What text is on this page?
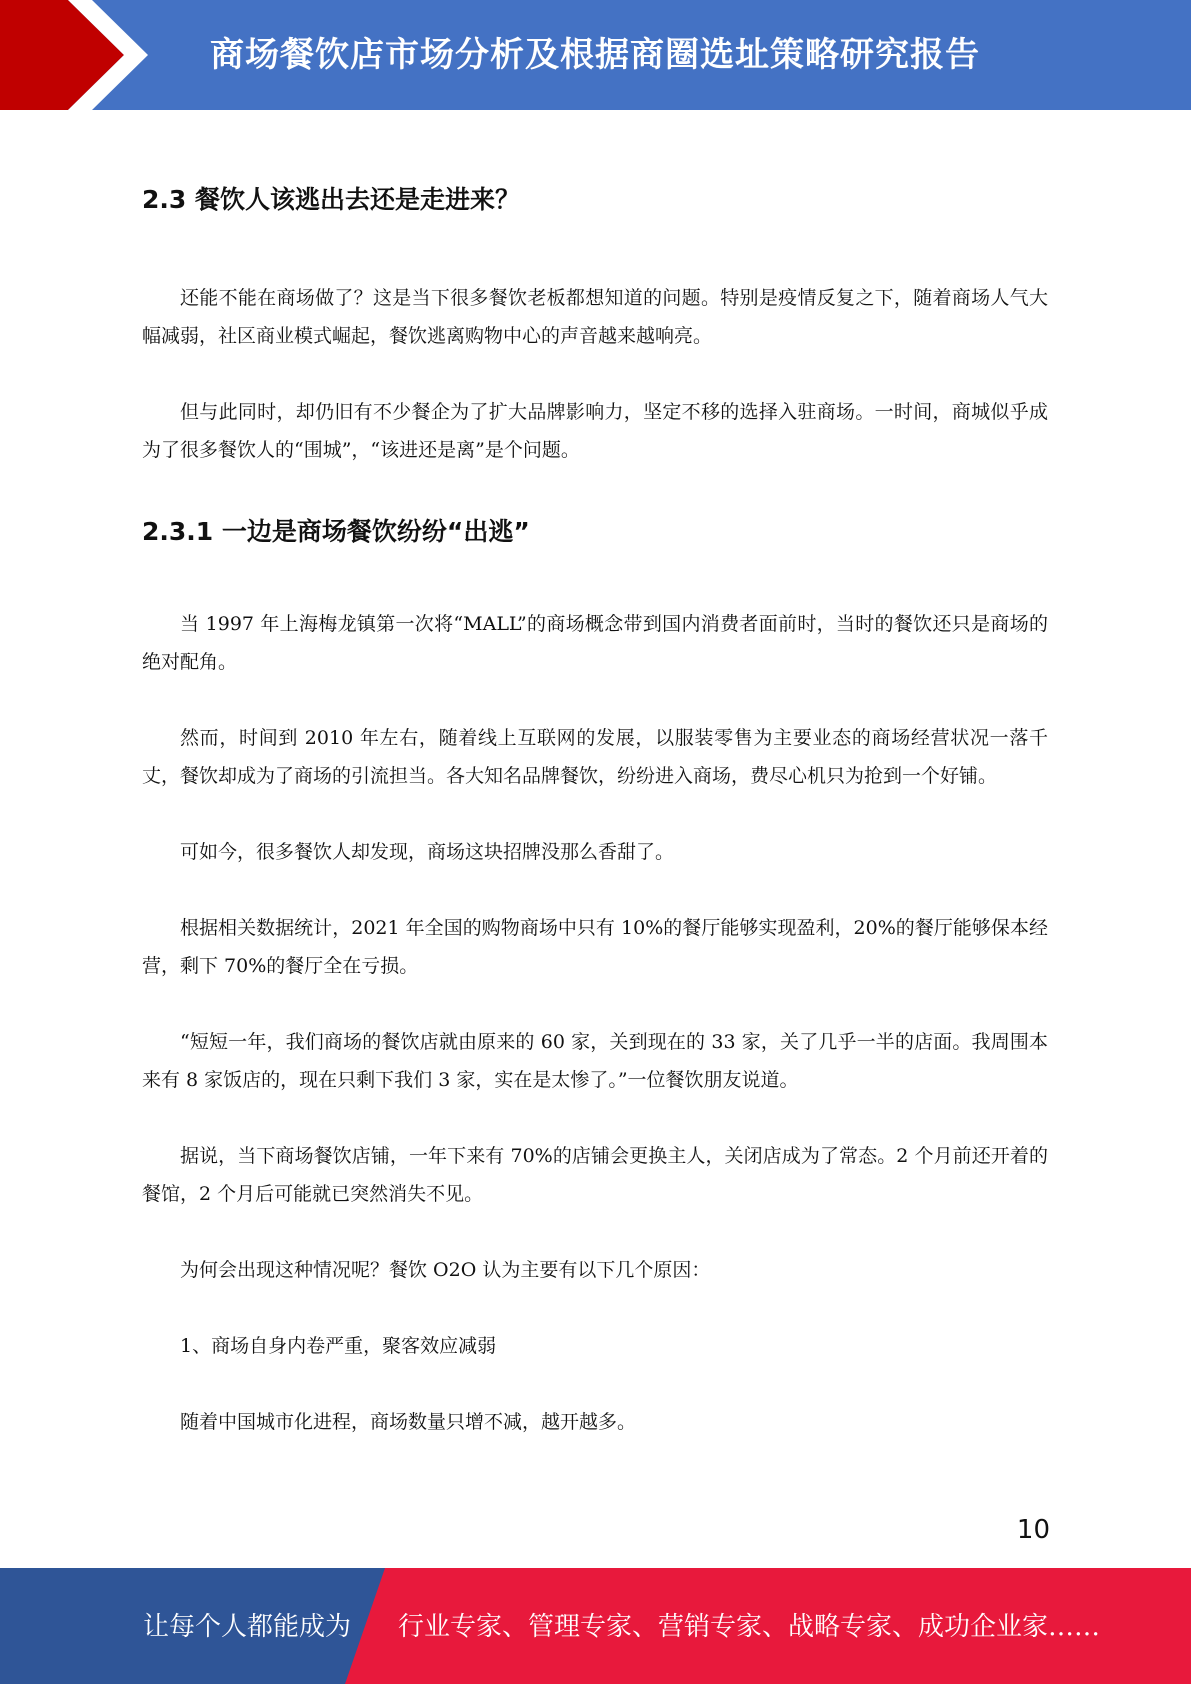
商场餐饮店市场分析及根据商圈选址策略研究报告
2.3 餐饮人该逃出去还是走进来？

还能不能在商场做了？这是当下很多餐饮老板都想知道的问题。特别是疫情反复之下，随着商场人气大幅减弱，社区商业模式崛起，餐饮逃离购物中心的声音越来越响亮。

但与此同时，却仍旧有不少餐企为了扩大品牌影响力，坚定不移的选择入驻商场。一时间，商城似乎成为了很多餐饮人的“围城”，“该进还是离”是个问题。

2.3.1 一边是商场餐饮纷纷“出逃”

当 1997 年上海梅龙镇第一次将“MALL”的商场概念带到国内消费者面前时，当时的餐饮还只是商场的绝对配角。

然而，时间到 2010 年左右，随着线上互联网的发展，以服装零售为主要业态的商场经营状况一落千丈，餐饮却成为了商场的引流担当。各大知名品牌餐饮，纷纷进入商场，费尽心机只为抢到一个好铺。

可如今，很多餐饮人却发现，商场这块招牌没那么香甜了。

根据相关数据统计，2021 年全国的购物商场中只有 10%的餐厅能够实现盈利，20%的餐厅能够保本经营，剩下 70%的餐厅全在亏损。

“短短一年，我们商场的餐饮店就由原来的 60 家，关到现在的 33 家，关了几乎一半的店面。我周围本来有 8 家饭店的，现在只剩下我们 3 家，实在是太惨了。”一位餐饮朋友说道。

据说，当下商场餐饮店铺，一年下来有 70%的店铺会更换主人，关闭店成为了常态。2 个月前还开着的餐馆，2 个月后可能就已突然消失不见。

为何会出现这种情况呢？餐饮 O2O 认为主要有以下几个原因：

1、商场自身内卷严重，聚客效应减弱

随着中国城市化进程，商场数量只增不减，越开越多。

10
让每个人都能成为 行业专家、管理专家、营销专家、战略专家、成功企业家……
